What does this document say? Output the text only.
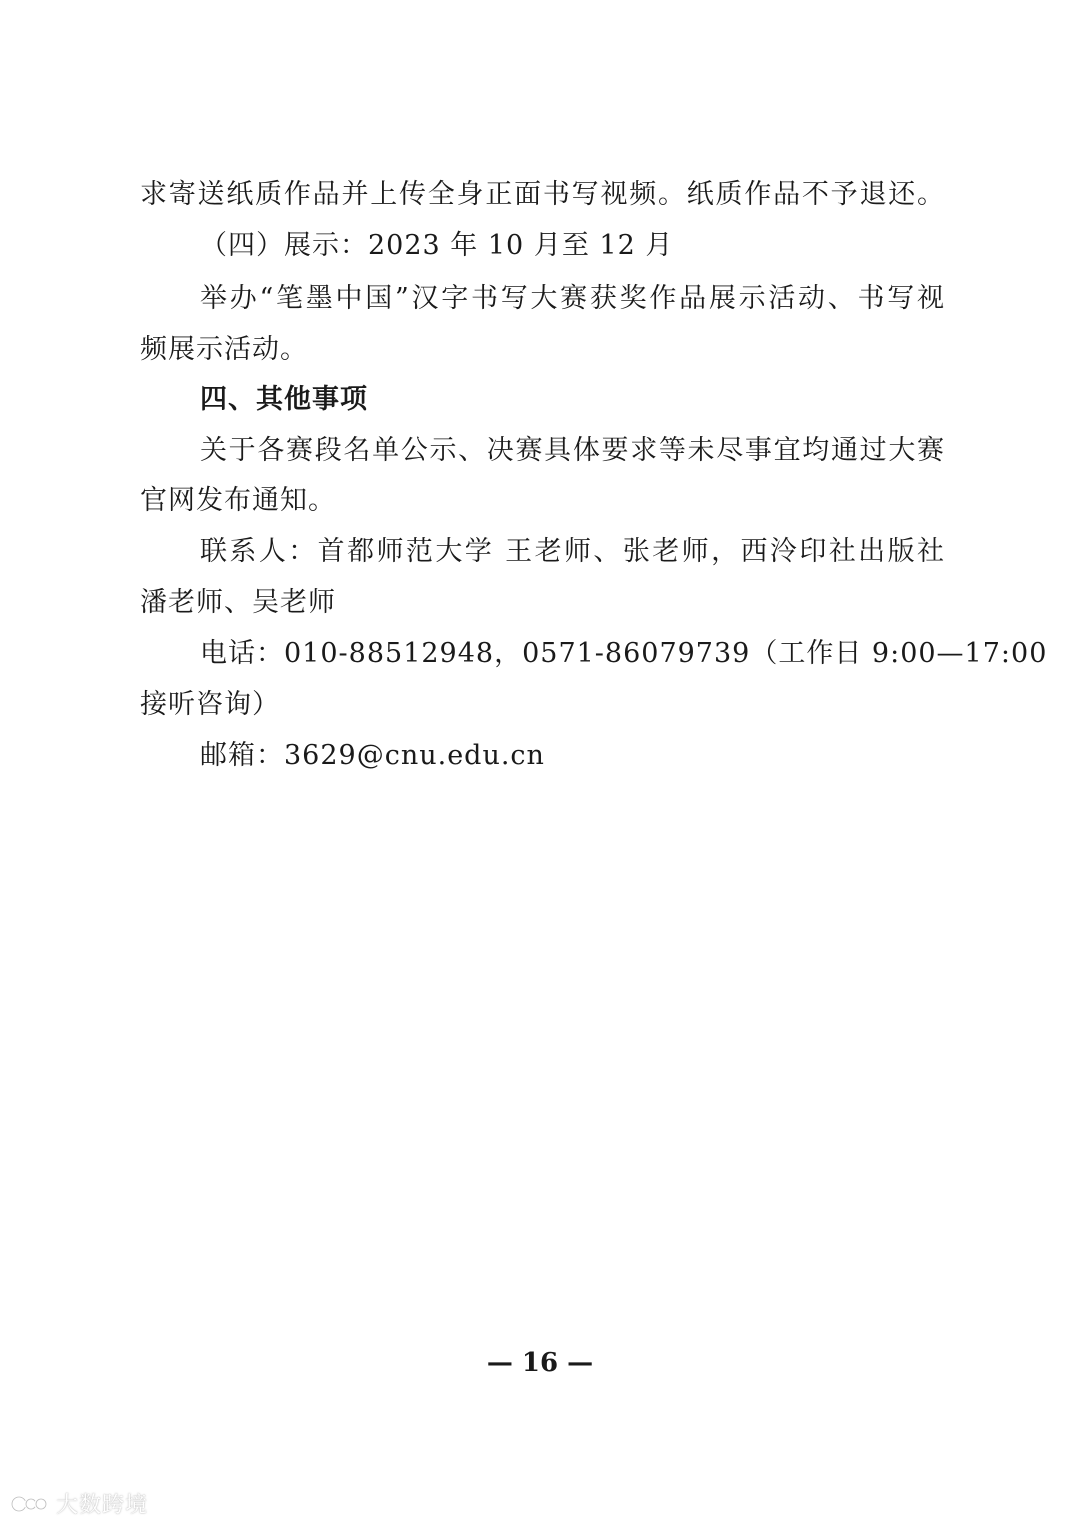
求寄送纸质作品并上传全身正面书写视频。纸质作品不予退还。
（四）展示：2023 年 10 月至 12 月
举办“笔墨中国”汉字书写大赛获奖作品展示活动、书写视
频展示活动。
四、其他事项
关于各赛段名单公示、决赛具体要求等未尽事宜均通过大赛
官网发布通知。
联系人：首都师范大学 王老师、张老师，西泠印社出版社
潘老师、吴老师
电话：010-88512948，0571-86079739（工作日 9:00—17:00
接听咨询）
邮箱：3629@cnu.edu.cn
— 16 —
大数跨境
